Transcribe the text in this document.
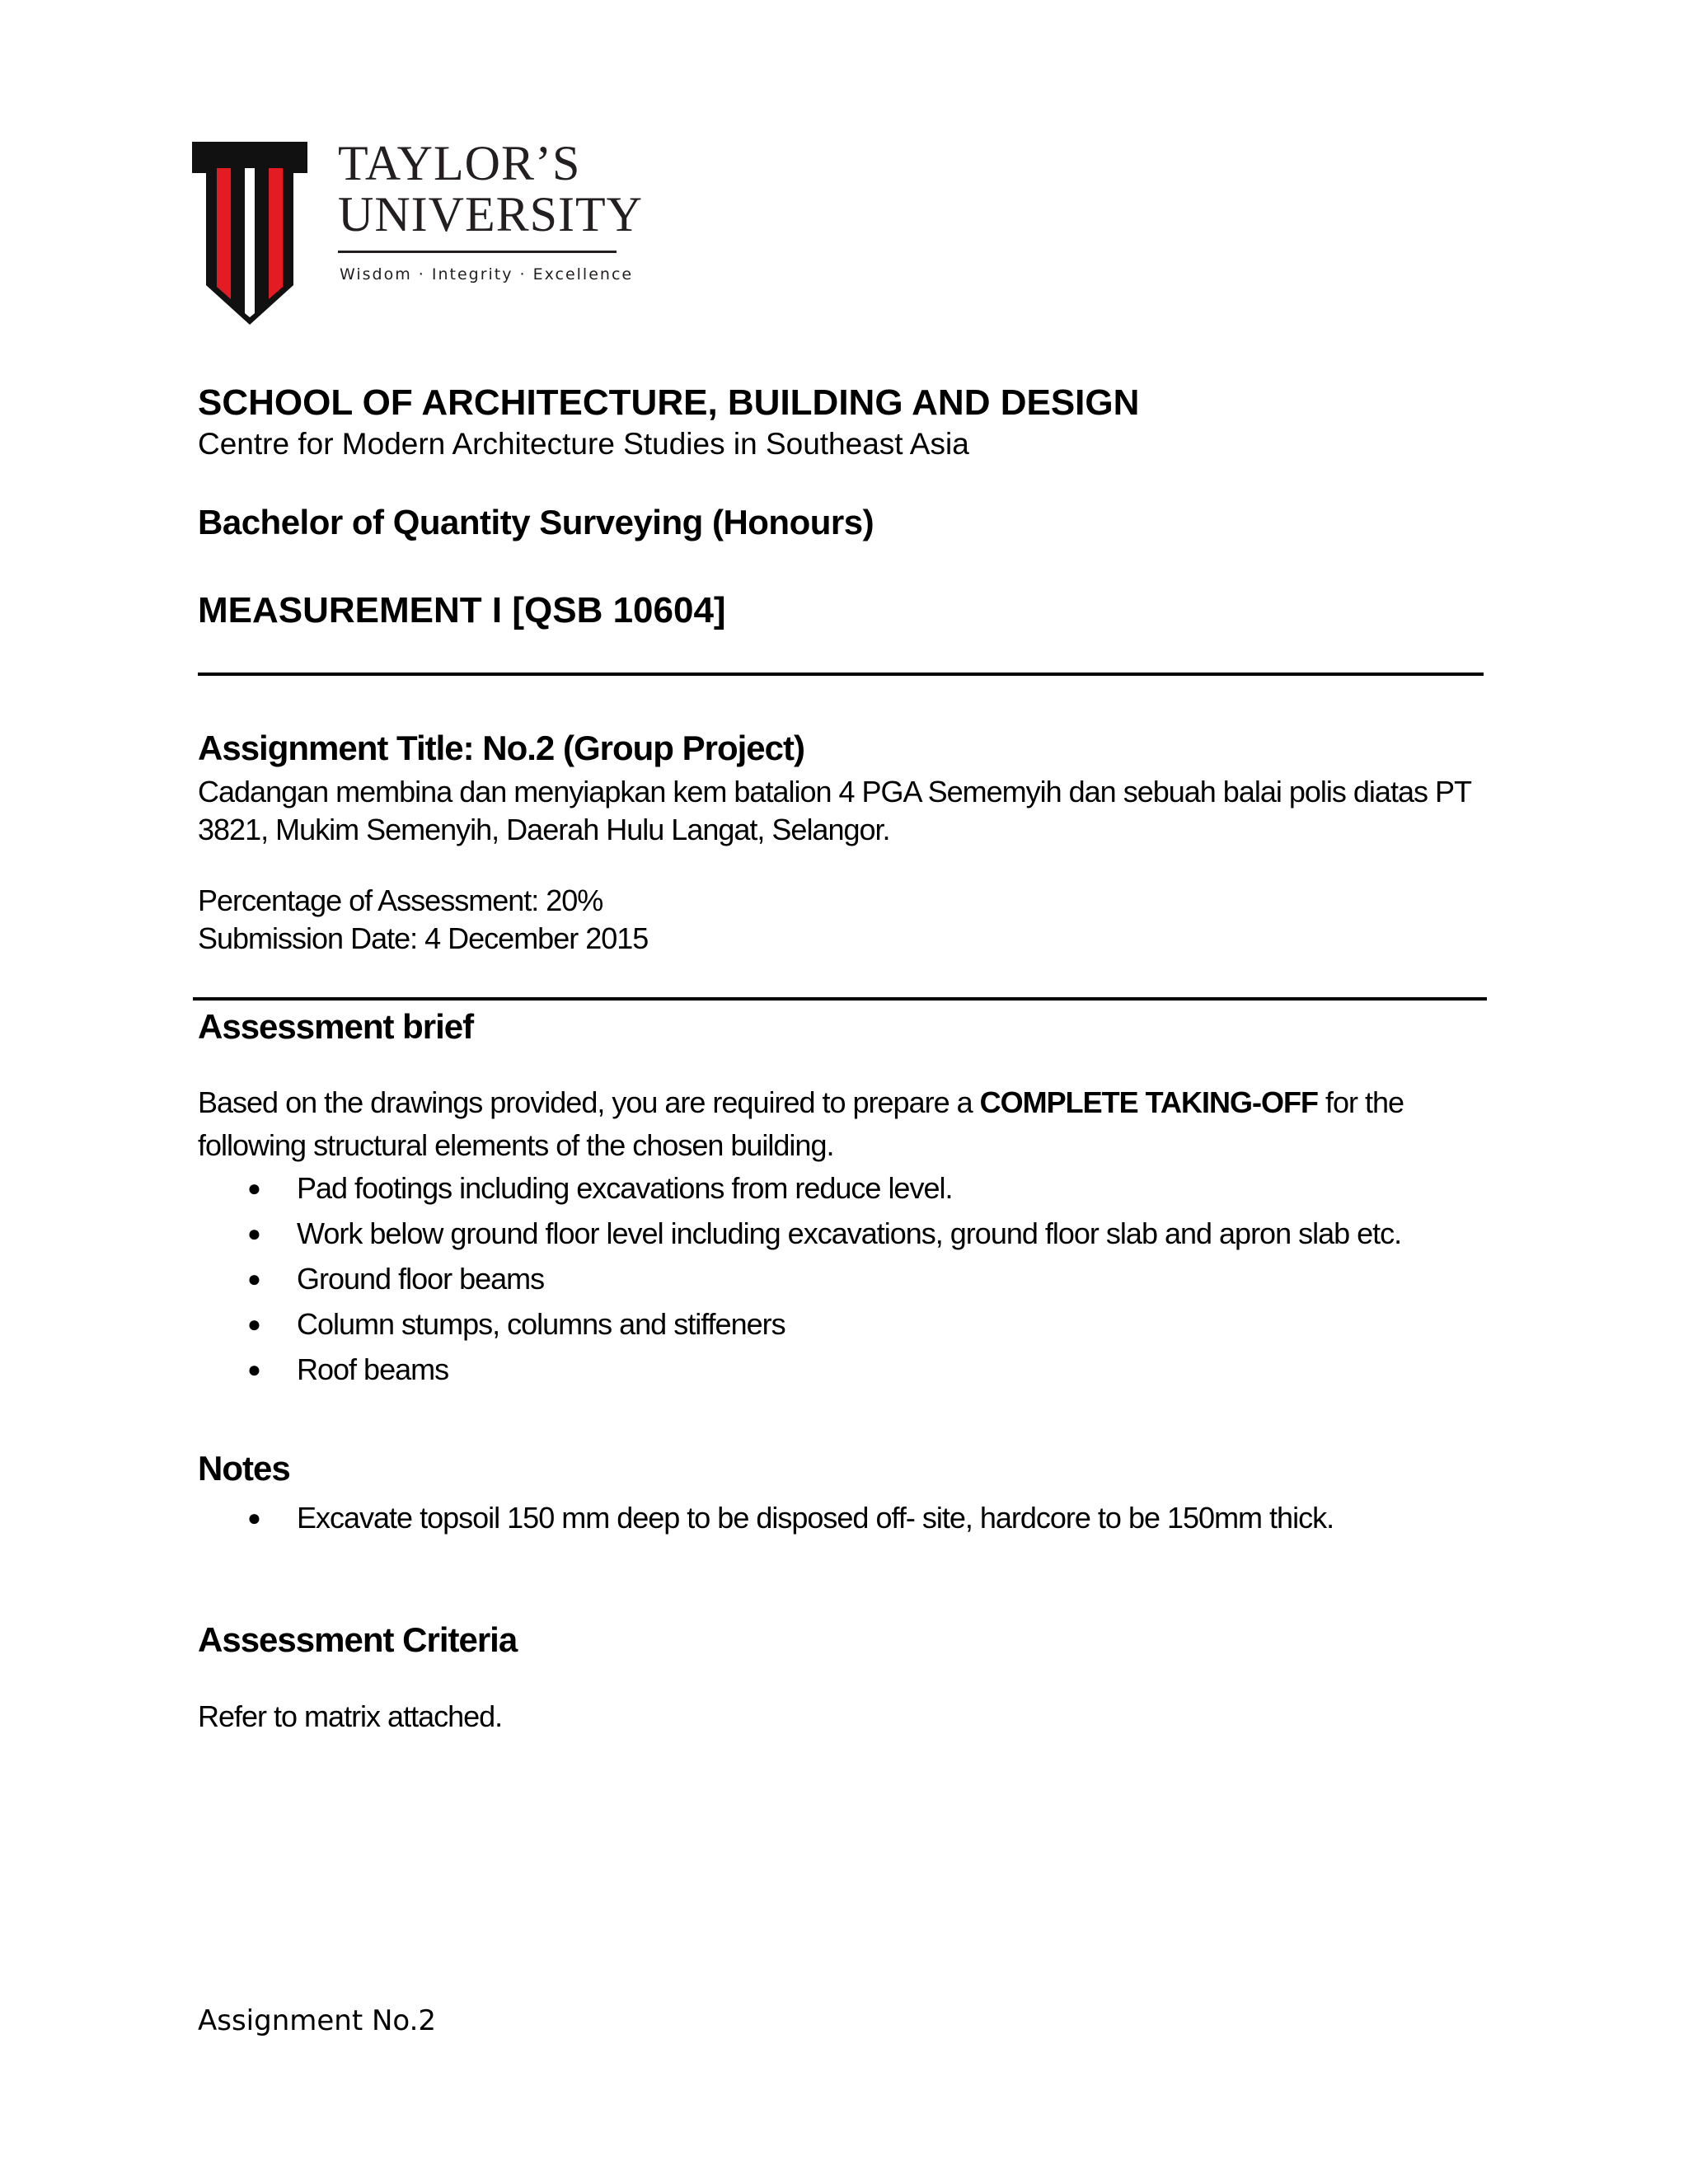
TAYLOR’S
UNIVERSITY
Wisdom · Integrity · Excellence
SCHOOL OF ARCHITECTURE, BUILDING AND DESIGN
Centre for Modern Architecture Studies in Southeast Asia
Bachelor of Quantity Surveying (Honours)
MEASUREMENT I [QSB 10604]
Assignment Title: No.2 (Group Project)
Cadangan membina dan menyiapkan kem batalion 4 PGA Sememyih dan sebuah balai polis diatas PT 3821, Mukim Semenyih, Daerah Hulu Langat, Selangor.
Percentage of Assessment: 20%
Submission Date: 4 December 2015
Assessment brief
Based on the drawings provided, you are required to prepare a COMPLETE TAKING-OFF for the following structural elements of the chosen building.
● Pad footings including excavations from reduce level.
● Work below ground floor level including excavations, ground floor slab and apron slab etc.
● Ground floor beams
● Column stumps, columns and stiffeners
● Roof beams
Notes
● Excavate topsoil 150 mm deep to be disposed off- site, hardcore to be 150mm thick.
Assessment Criteria
Refer to matrix attached.
Assignment No.2
